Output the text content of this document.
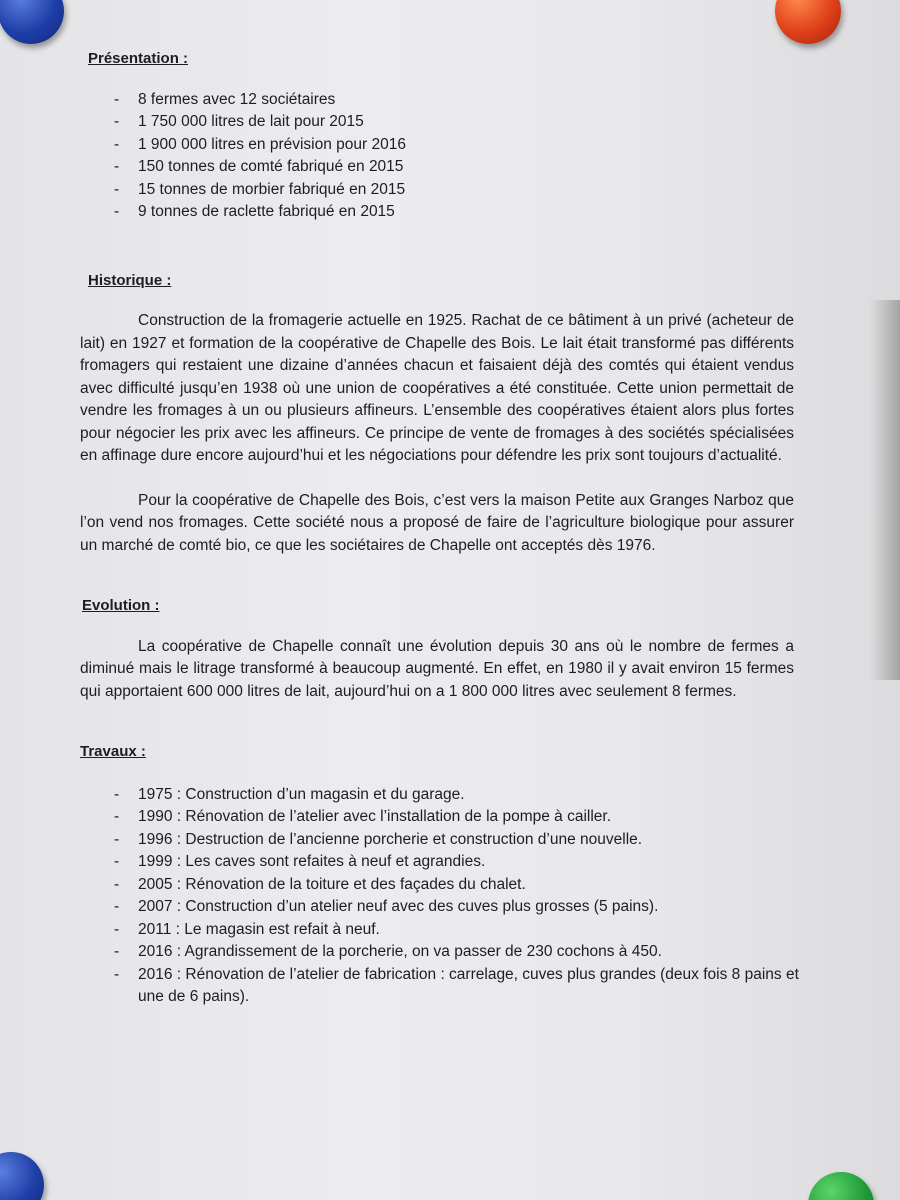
Présentation :
- 8 fermes avec 12 sociétaires
- 1 750 000 litres de lait pour 2015
- 1 900 000 litres en prévision pour 2016
- 150 tonnes de comté fabriqué en 2015
- 15 tonnes de morbier fabriqué en 2015
- 9 tonnes de raclette fabriqué en 2015
Historique :

Construction de la fromagerie actuelle en 1925. Rachat de ce bâtiment à un privé (acheteur de lait) en 1927 et formation de la coopérative de Chapelle des Bois. Le lait était transformé pas différents fromagers qui restaient une dizaine d’années chacun et faisaient déjà des comtés qui étaient vendus avec difficulté jusqu’en 1938 où une union de coopératives a été constituée. Cette union permettait de vendre les fromages à un ou plusieurs affineurs. L’ensemble des coopératives étaient alors plus fortes pour négocier les prix avec les affineurs. Ce principe de vente de fromages à des sociétés spécialisées en affinage dure encore aujourd’hui et les négociations pour défendre les prix sont toujours d’actualité.

Pour la coopérative de Chapelle des Bois, c’est vers la maison Petite aux Granges Narboz que l’on vend nos fromages. Cette société nous a proposé de faire de l’agriculture biologique pour assurer un marché de comté bio, ce que les sociétaires de Chapelle ont acceptés dès 1976.

Evolution :

La coopérative de Chapelle connaît une évolution depuis 30 ans où le nombre de fermes a diminué mais le litrage transformé à beaucoup augmenté. En effet, en 1980 il y avait environ 15 fermes qui apportaient 600 000 litres de lait, aujourd’hui on a 1 800 000 litres avec seulement 8 fermes.

Travaux :
- 1975 : Construction d’un magasin et du garage.
- 1990 : Rénovation de l’atelier avec l’installation de la pompe à cailler.
- 1996 : Destruction de l’ancienne porcherie et construction d’une nouvelle.
- 1999 : Les caves sont refaites à neuf et agrandies.
- 2005 : Rénovation de la toiture et des façades du chalet.
- 2007 : Construction d’un atelier neuf avec des cuves plus grosses (5 pains).
- 2011 : Le magasin est refait à neuf.
- 2016 : Agrandissement de la porcherie, on va passer de 230 cochons à 450.
- 2016 : Rénovation de l’atelier de fabrication : carrelage, cuves plus grandes (deux fois 8 pains et une de 6 pains).
